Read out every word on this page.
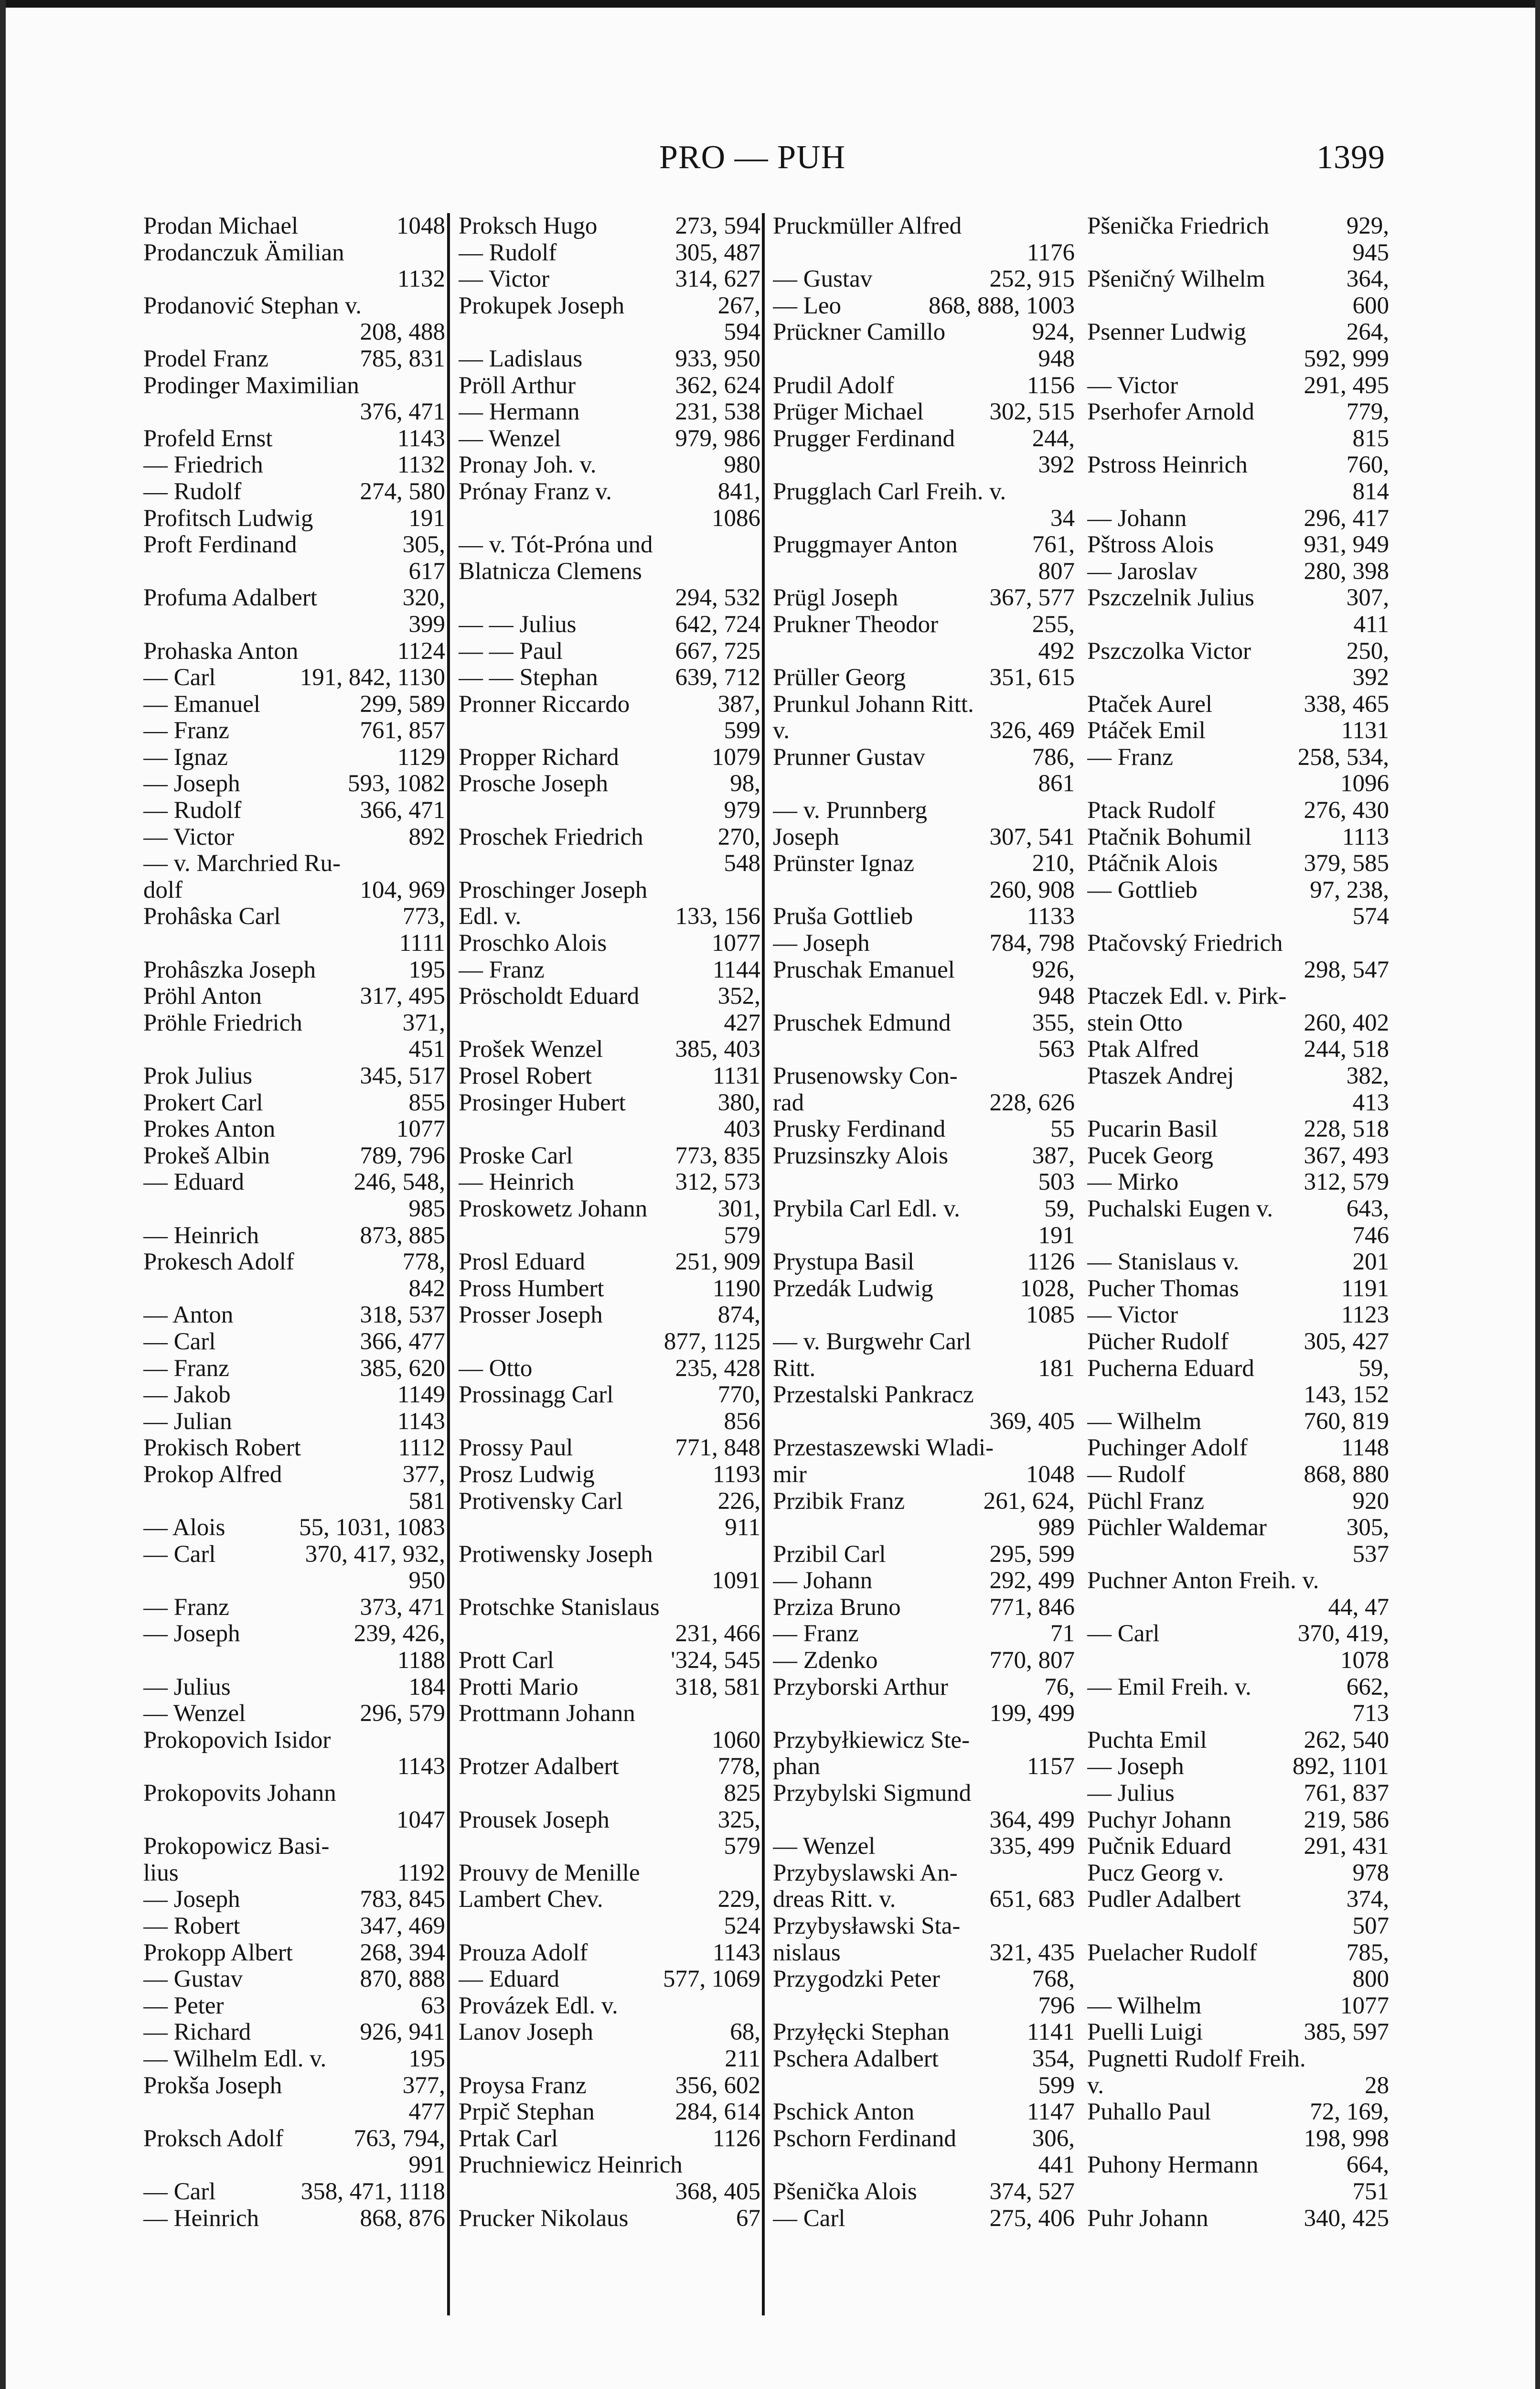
PRO — PUH	1399
Prodan Michael	1048
Prodanczuk Ämilian
1132
Prodanović Stephan v.
208, 488
Prodel Franz	785, 831
Prodinger Maximilian
376, 471
Profeld Ernst	1143
— Friedrich	1132
— Rudolf	274, 580
Profitsch Ludwig	191
Proft Ferdinand	305,
617
Profuma Adalbert	320,
399
Prohaska Anton	1124
— Carl	191, 842, 1130
— Emanuel	299, 589
— Franz	761, 857
— Ignaz	1129
— Joseph	593, 1082
— Rudolf	366, 471
— Victor	892
— v. Marchried Ru-
dolf	104, 969
Prohâska Carl	773,
1111
Prohâszka Joseph	195
Pröhl Anton	317, 495
Pröhle Friedrich	371,
451
Prok Julius	345, 517
Prokert Carl	855
Prokes Anton	1077
Prokeš Albin	789, 796
— Eduard	246, 548,
985
— Heinrich	873, 885
Prokesch Adolf	778,
842
— Anton	318, 537
— Carl	366, 477
— Franz	385, 620
— Jakob	1149
— Julian	1143
Prokisch Robert	1112
Prokop Alfred	377,
581
— Alois	55, 1031, 1083
— Carl	370, 417, 932,
950
— Franz	373, 471
— Joseph	239, 426,
1188
— Julius	184
— Wenzel	296, 579
Prokopovich Isidor
1143
Prokopovits Johann
1047
Prokopowicz Basi-
lius	1192
— Joseph	783, 845
— Robert	347, 469
Prokopp Albert	268, 394
— Gustav	870, 888
— Peter	63
— Richard	926, 941
— Wilhelm Edl. v.	195
Prokša Joseph	377,
477
Proksch Adolf	763, 794,
991
— Carl	358, 471, 1118
— Heinrich	868, 876
Proksch Hugo	273, 594
— Rudolf	305, 487
— Victor	314, 627
Prokupek Joseph	267,
594
— Ladislaus	933, 950
Pröll Arthur	362, 624
— Hermann	231, 538
— Wenzel	979, 986
Pronay Joh. v.	980
Prónay Franz v.	841,
1086
— v. Tót-Próna und
Blatnicza Clemens
294, 532
— — Julius	642, 724
— — Paul	667, 725
— — Stephan	639, 712
Pronner Riccardo	387,
599
Propper Richard	1079
Prosche Joseph	98,
979
Proschek Friedrich	270,
548
Proschinger Joseph
Edl. v.	133, 156
Proschko Alois	1077
— Franz	1144
Pröscholdt Eduard	352,
427
Prošek Wenzel	385, 403
Prosel Robert	1131
Prosinger Hubert	380,
403
Proske Carl	773, 835
— Heinrich	312, 573
Proskowetz Johann	301,
579
Prosl Eduard	251, 909
Pross Humbert	1190
Prosser Joseph	874,
877, 1125
— Otto	235, 428
Prossinagg Carl	770,
856
Prossy Paul	771, 848
Prosz Ludwig	1193
Protivensky Carl	226,
911
Protiwensky Joseph
1091
Protschke Stanislaus
231, 466
Prott Carl	'324, 545
Protti Mario	318, 581
Prottmann Johann
1060
Protzer Adalbert	778,
825
Prousek Joseph	325,
579
Prouvy de Menille
Lambert Chev.	229,
524
Prouza Adolf	1143
— Eduard	577, 1069
Provázek Edl. v.
Lanov Joseph	68,
211
Proysa Franz	356, 602
Prpič Stephan	284, 614
Prtak Carl	1126
Pruchniewicz Heinrich
368, 405
Prucker Nikolaus	67
Pruckmüller Alfred
1176
— Gustav	252, 915
— Leo	868, 888, 1003
Prückner Camillo	924,
948
Prudil Adolf	1156
Prüger Michael	302, 515
Prugger Ferdinand	244,
392
Prugglach Carl Freih. v.
34
Pruggmayer Anton	761,
807
Prügl Joseph	367, 577
Prukner Theodor	255,
492
Prüller Georg	351, 615
Prunkul Johann Ritt.
v.	326, 469
Prunner Gustav	786,
861
— v. Prunnberg
Joseph	307, 541
Prünster Ignaz	210,
260, 908
Pruša Gottlieb	1133
— Joseph	784, 798
Pruschak Emanuel	926,
948
Pruschek Edmund	355,
563
Prusenowsky Con-
rad	228, 626
Prusky Ferdinand	55
Pruzsinszky Alois	387,
503
Prybila Carl Edl. v.	59,
191
Prystupa Basil	1126
Przedák Ludwig	1028,
1085
— v. Burgwehr Carl
Ritt.	181
Przestalski Pankracz
369, 405
Przestaszewski Wladi-
mir	1048
Przibik Franz	261, 624,
989
Przibil Carl	295, 599
— Johann	292, 499
Prziza Bruno	771, 846
— Franz	71
— Zdenko	770, 807
Przyborski Arthur	76,
199, 499
Przybyłkiewicz Ste-
phan	1157
Przybylski Sigmund
364, 499
— Wenzel	335, 499
Przybyslawski An-
dreas Ritt. v.	651, 683
Przybysławski Sta-
nislaus	321, 435
Przygodzki Peter	768,
796
Przyłęcki Stephan	1141
Pschera Adalbert	354,
599
Pschick Anton	1147
Pschorn Ferdinand	306,
441
Pšenička Alois	374, 527
— Carl	275, 406
Pšenička Friedrich	929,
945
Pšeničný Wilhelm	364,
600
Psenner Ludwig	264,
592, 999
— Victor	291, 495
Pserhofer Arnold	779,
815
Pstross Heinrich	760,
814
— Johann	296, 417
Pštross Alois	931, 949
— Jaroslav	280, 398
Pszczelnik Julius	307,
411
Pszczolka Victor	250,
392
Ptaček Aurel	338, 465
Ptáček Emil	1131
— Franz	258, 534,
1096
Ptack Rudolf	276, 430
Ptačnik Bohumil	1113
Ptáčnik Alois	379, 585
— Gottlieb	97, 238,
574
Ptačovský Friedrich
298, 547
Ptaczek Edl. v. Pirk-
stein Otto	260, 402
Ptak Alfred	244, 518
Ptaszek Andrej	382,
413
Pucarin Basil	228, 518
Pucek Georg	367, 493
— Mirko	312, 579
Puchalski Eugen v.	643,
746
— Stanislaus v.	201
Pucher Thomas	1191
— Victor	1123
Pücher Rudolf	305, 427
Pucherna Eduard	59,
143, 152
— Wilhelm	760, 819
Puchinger Adolf	1148
— Rudolf	868, 880
Püchl Franz	920
Püchler Waldemar	305,
537
Puchner Anton Freih. v.
44, 47
— Carl	370, 419,
1078
— Emil Freih. v.	662,
713
Puchta Emil	262, 540
— Joseph	892, 1101
— Julius	761, 837
Puchyr Johann	219, 586
Pučnik Eduard	291, 431
Pucz Georg v.	978
Pudler Adalbert	374,
507
Puelacher Rudolf	785,
800
— Wilhelm	1077
Puelli Luigi	385, 597
Pugnetti Rudolf Freih.
v.	28
Puhallo Paul	72, 169,
198, 998
Puhony Hermann	664,
751
Puhr Johann	340, 425
